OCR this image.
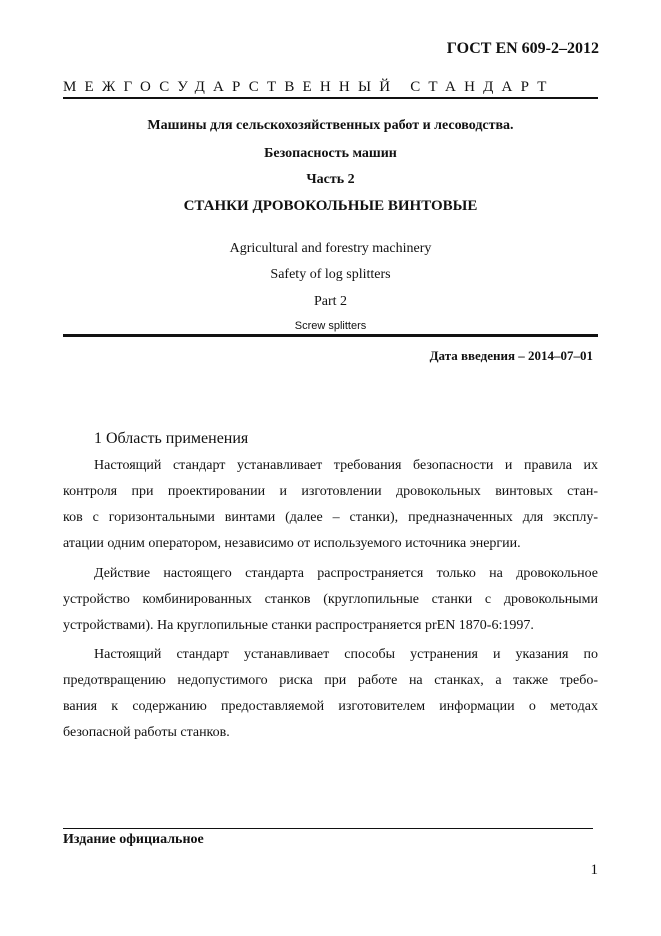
ГОСТ EN 609-2–2012
МЕЖГОСУДАРСТВЕННЫЙ СТАНДАРТ
Машины для сельскохозяйственных работ и лесоводства.
Безопасность машин
Часть 2
СТАНКИ ДРОВОКОЛЬНЫЕ ВИНТОВЫЕ
Agricultural and forestry machinery
Safety of log splitters
Part 2
Screw splitters
Дата введения – 2014–07–01
1 Область применения
Настоящий стандарт устанавливает требования безопасности и правила их
контроля при проектировании и изготовлении дровокольных винтовых стан-
ков с горизонтальными винтами (далее – станки), предназначенных для эксплу-
атации одним оператором, независимо от используемого источника энергии.
Действие настоящего стандарта распространяется только на дровокольное
устройство комбинированных станков (круглопильные станки с дровокольными
устройствами). На круглопильные станки распространяется prEN 1870-6:1997.
Настоящий стандарт устанавливает способы устранения и указания по
предотвращению недопустимого риска при работе на станках, а также требо-
вания к содержанию предоставляемой изготовителем информации о методах
безопасной работы станков.
Издание официальное
1
